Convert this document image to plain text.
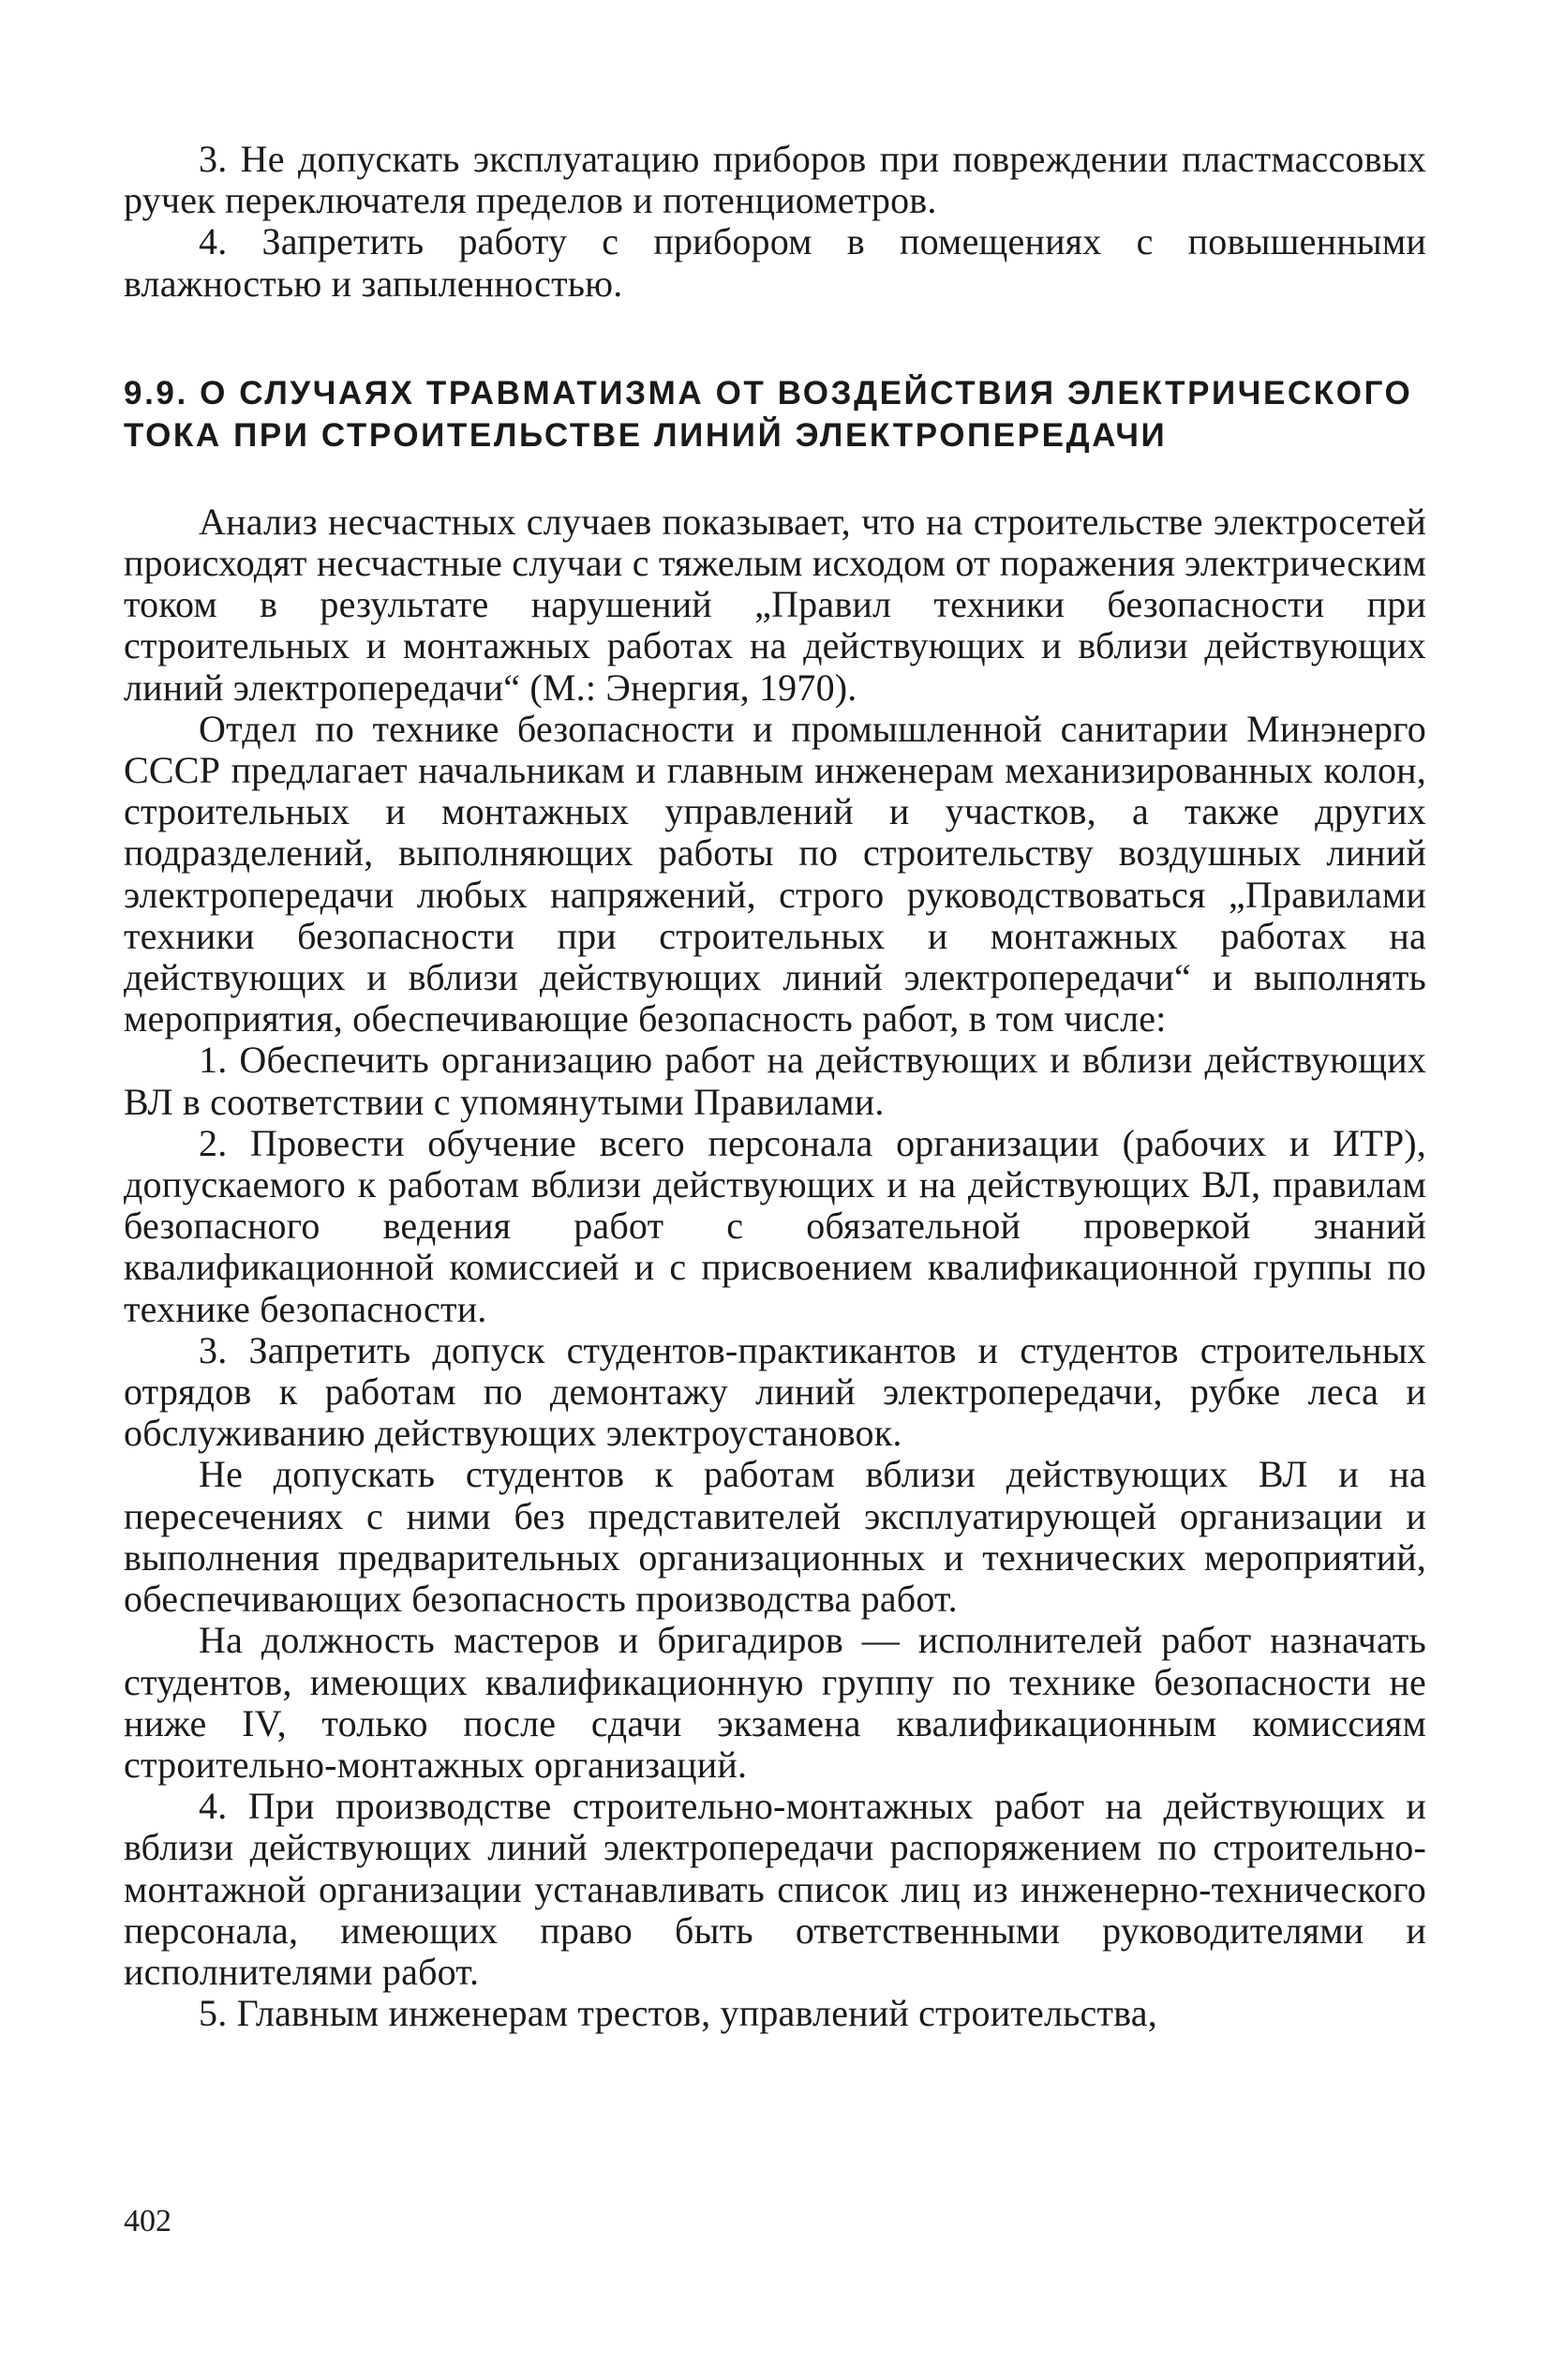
3. Не допускать эксплуатацию приборов при повреждении пластмассовых ручек переключателя пределов и потенциометров.

4. Запретить работу с прибором в помещениях с повышенными влажностью и запыленностью.

9.9. О СЛУЧАЯХ ТРАВМАТИЗМА ОТ ВОЗДЕЙСТВИЯ ЭЛЕКТРИЧЕСКОГО ТОКА ПРИ СТРОИТЕЛЬСТВЕ ЛИНИЙ ЭЛЕКТРОПЕРЕДАЧИ

Анализ несчастных случаев показывает, что на строительстве электросетей происходят несчастные случаи с тяжелым исходом от поражения электрическим током в результате нарушений „Правил техники безопасности при строительных и монтажных работах на действующих и вблизи действующих линий электропередачи“ (М.: Энергия, 1970).

Отдел по технике безопасности и промышленной санитарии Минэнерго СССР предлагает начальникам и главным инженерам механизированных колон, строительных и монтажных управлений и участков, а также других подразделений, выполняющих работы по строительству воздушных линий электропередачи любых напряжений, строго руководствоваться „Правилами техники безопасности при строительных и монтажных работах на действующих и вблизи действующих линий электропередачи“ и выполнять мероприятия, обеспечивающие безопасность работ, в том числе:

1. Обеспечить организацию работ на действующих и вблизи действующих ВЛ в соответствии с упомянутыми Правилами.

2. Провести обучение всего персонала организации (рабочих и ИТР), допускаемого к работам вблизи действующих и на действующих ВЛ, правилам безопасного ведения работ с обязательной проверкой знаний квалификационной комиссией и с присвоением квалификационной группы по технике безопасности.

3. Запретить допуск студентов-практикантов и студентов строительных отрядов к работам по демонтажу линий электропередачи, рубке леса и обслуживанию действующих электроустановок.

Не допускать студентов к работам вблизи действующих ВЛ и на пересечениях с ними без представителей эксплуатирующей организации и выполнения предварительных организационных и технических мероприятий, обеспечивающих безопасность производства работ.

На должность мастеров и бригадиров — исполнителей работ назначать студентов, имеющих квалификационную группу по технике безопасности не ниже IV, только после сдачи экзамена квалификационным комиссиям строительно-монтажных организаций.

4. При производстве строительно-монтажных работ на действующих и вблизи действующих линий электропередачи распоряжением по строительно-монтажной организации устанавливать список лиц из инженерно-технического персонала, имеющих право быть ответственными руководителями и исполнителями работ.

5. Главным инженерам трестов, управлений строительства,

402
